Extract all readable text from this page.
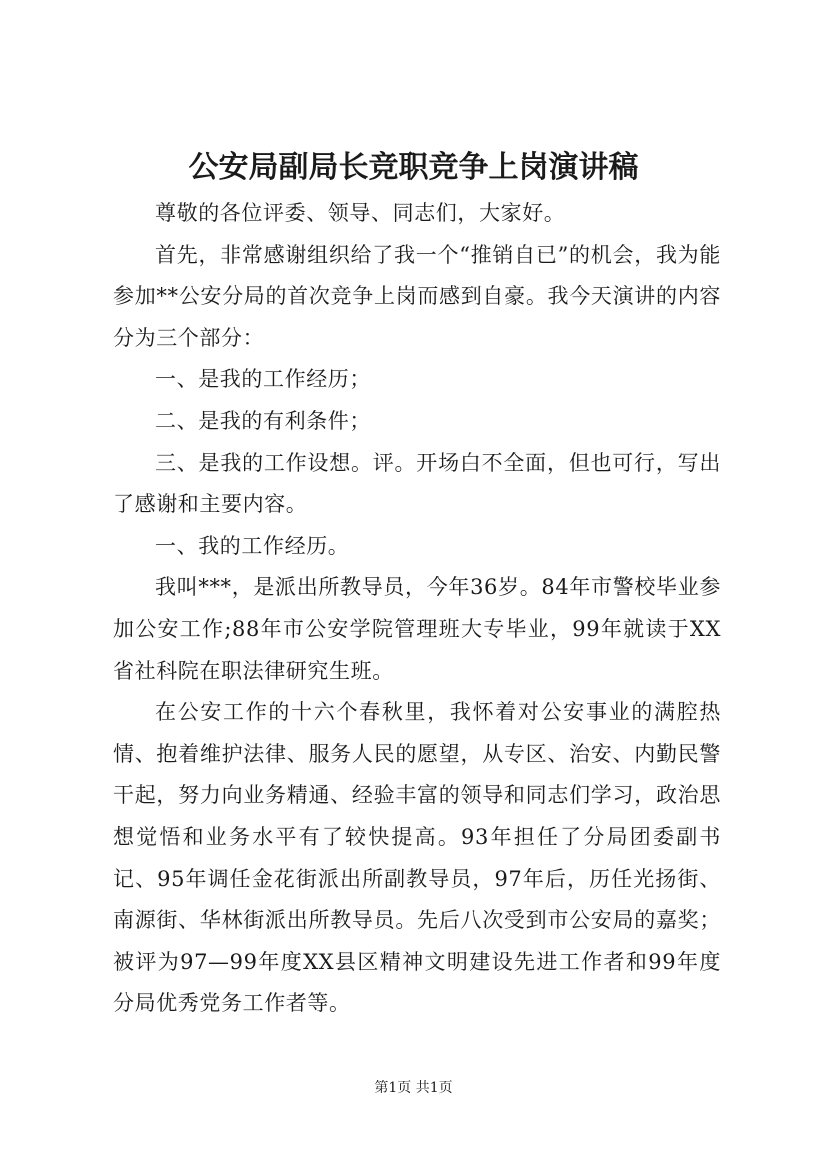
公安局副局长竞职竞争上岗演讲稿

尊敬的各位评委、领导、同志们，大家好。

首先，非常感谢组织给了我一个“推销自已”的机会，我为能参加**公安分局的首次竞争上岗而感到自豪。我今天演讲的内容分为三个部分：

一、是我的工作经历；

二、是我的有利条件；

三、是我的工作设想。评。开场白不全面，但也可行，写出了感谢和主要内容。

一、我的工作经历。

我叫***，是派出所教导员，今年36岁。84年市警校毕业参加公安工作;88年市公安学院管理班大专毕业，99年就读于XX省社科院在职法律研究生班。

在公安工作的十六个春秋里，我怀着对公安事业的满腔热情、抱着维护法律、服务人民的愿望，从专区、治安、内勤民警干起，努力向业务精通、经验丰富的领导和同志们学习，政治思想觉悟和业务水平有了较快提高。93年担任了分局团委副书记、95年调任金花街派出所副教导员，97年后，历任光扬街、南源街、华林街派出所教导员。先后八次受到市公安局的嘉奖；被评为97—99年度XX县区精神文明建设先进工作者和99年度分局优秀党务工作者等。

第1页 共1页
